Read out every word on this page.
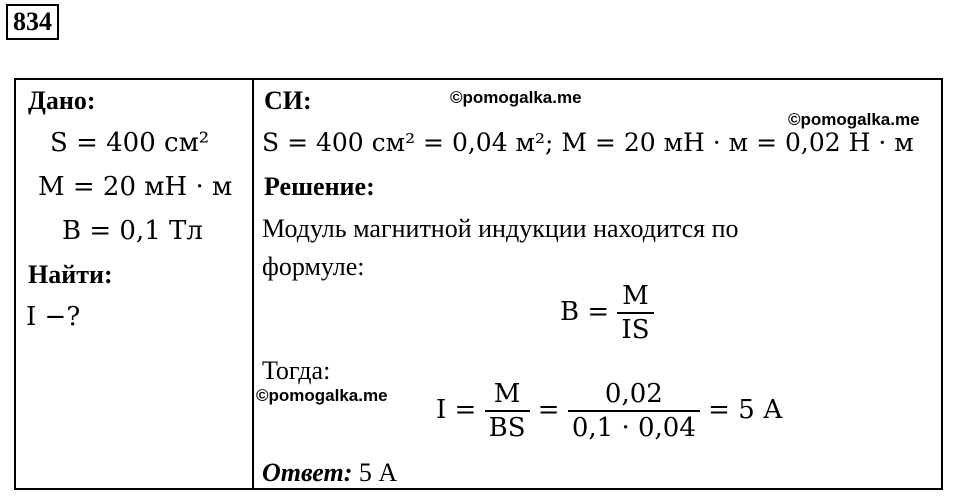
834
Дано:
S = 400 см²
M = 20 мН · м
B = 0,1 Тл
Найти:
I −?
СИ:	©pomogalka.me
©pomogalka.me
S = 400 см² = 0,04 м²; M = 20 мН · м = 0,02 Н · м
Решение:
Модуль магнитной индукции находится по
формуле:
$B = \frac{M}{IS}$
Тогда:
©pomogalka.me $I = \frac{M}{BS} = \frac{0,02}{0,1 \cdot 0,04} = 5$ А
Ответ: 5 А
